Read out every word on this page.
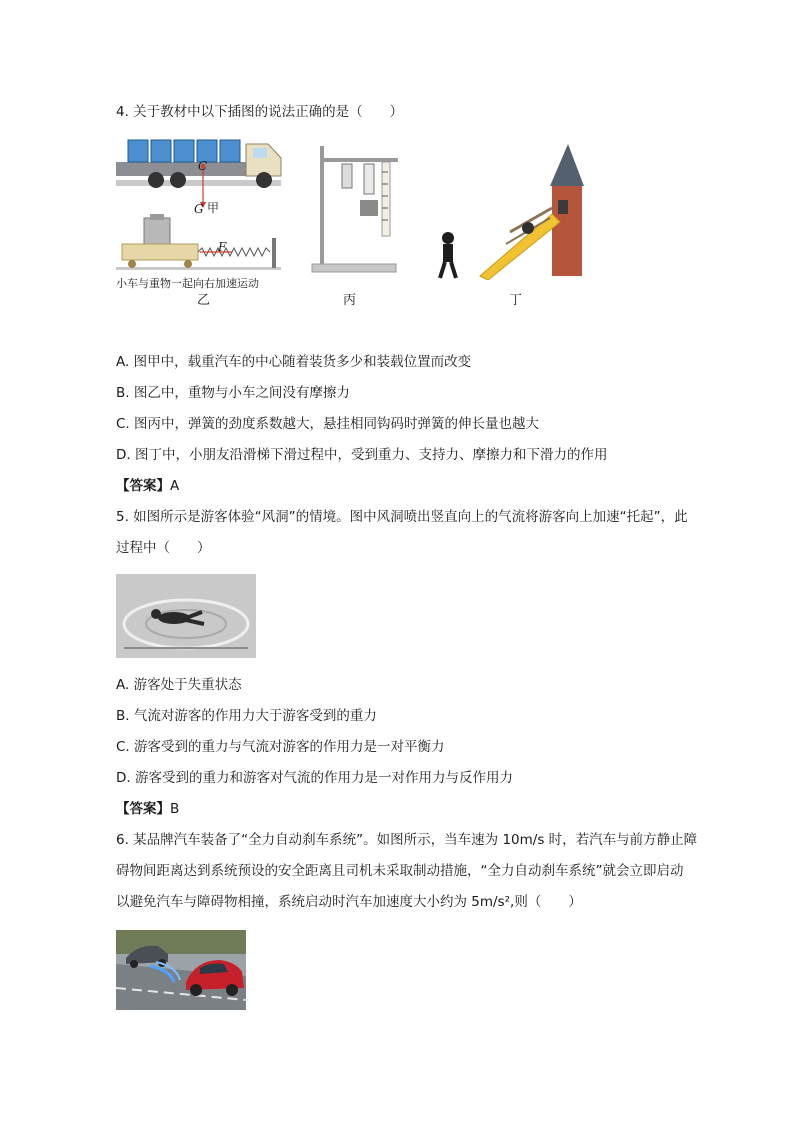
4. 关于教材中以下插图的说法正确的是（　　）
C
G 甲
F
小车与重物一起向右加速运动
乙	丙	丁
A. 图甲中，载重汽车的中心随着装货多少和装载位置而改变
B. 图乙中，重物与小车之间没有摩擦力
C. 图丙中，弹簧的劲度系数越大，悬挂相同钩码时弹簧的伸长量也越大
D. 图丁中，小朋友沿滑梯下滑过程中，受到重力、支持力、摩擦力和下滑力的作用
【答案】A
5. 如图所示是游客体验“风洞”的情境。图中风洞喷出竖直向上的气流将游客向上加速“托起”，此
过程中（　　）
A. 游客处于失重状态
B. 气流对游客的作用力大于游客受到的重力
C. 游客受到的重力与气流对游客的作用力是一对平衡力
D. 游客受到的重力和游客对气流的作用力是一对作用力与反作用力
【答案】B
6. 某品牌汽车装备了“全力自动刹车系统”。如图所示，当车速为 10m/s 时，若汽车与前方静止障
碍物间距离达到系统预设的安全距离且司机未采取制动措施，“全力自动刹车系统”就会立即启动
以避免汽车与障碍物相撞，系统启动时汽车加速度大小约为 5m/s²,则（　　）
